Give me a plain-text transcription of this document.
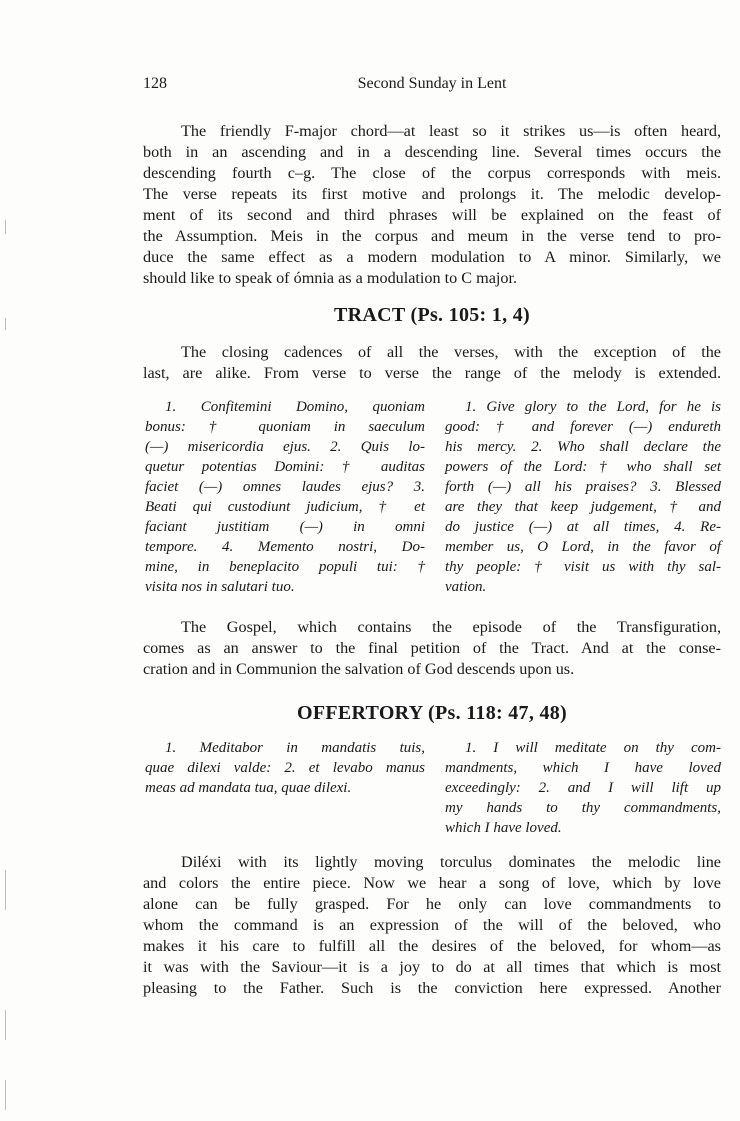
Second Sunday in Lent
128
The friendly F-major chord—at least so it strikes us—is often heard,
both in an ascending and in a descending line. Several times occurs the
descending fourth c–g. The close of the corpus corresponds with meis.
The verse repeats its first motive and prolongs it. The melodic develop-
ment of its second and third phrases will be explained on the feast of
the Assumption. Meis in the corpus and meum in the verse tend to pro-
duce the same effect as a modern modulation to A minor. Similarly, we
should like to speak of ómnia as a modulation to C major.
TRACT (Ps. 105: 1, 4)
The closing cadences of all the verses, with the exception of the
last, are alike. From verse to verse the range of the melody is extended.
1. Confitemini Domino, quoniam
bonus: † quoniam in saeculum
(—) misericordia ejus. 2. Quis lo-
quetur potentias Domini: † auditas
faciet (—) omnes laudes ejus? 3.
Beati qui custodiunt judicium, † et
faciant justitiam (—) in omni
tempore. 4. Memento nostri, Do-
mine, in beneplacito populi tui: †
visita nos in salutari tuo.
1. Give glory to the Lord, for he is
good: † and forever (—) endureth
his mercy. 2. Who shall declare the
powers of the Lord: † who shall set
forth (—) all his praises? 3. Blessed
are they that keep judgement, † and
do justice (—) at all times, 4. Re-
member us, O Lord, in the favor of
thy people: † visit us with thy sal-
vation.
The Gospel, which contains the episode of the Transfiguration,
comes as an answer to the final petition of the Tract. And at the conse-
cration and in Communion the salvation of God descends upon us.
OFFERTORY (Ps. 118: 47, 48)
1. Meditabor in mandatis tuis,
quae dilexi valde: 2. et levabo manus
meas ad mandata tua, quae dilexi.
1. I will meditate on thy com-
mandments, which I have loved
exceedingly: 2. and I will lift up
my hands to thy commandments,
which I have loved.
Diléxi with its lightly moving torculus dominates the melodic line
and colors the entire piece. Now we hear a song of love, which by love
alone can be fully grasped. For he only can love commandments to
whom the command is an expression of the will of the beloved, who
makes it his care to fulfill all the desires of the beloved, for whom—as
it was with the Saviour—it is a joy to do at all times that which is most
pleasing to the Father. Such is the conviction here expressed. Another
